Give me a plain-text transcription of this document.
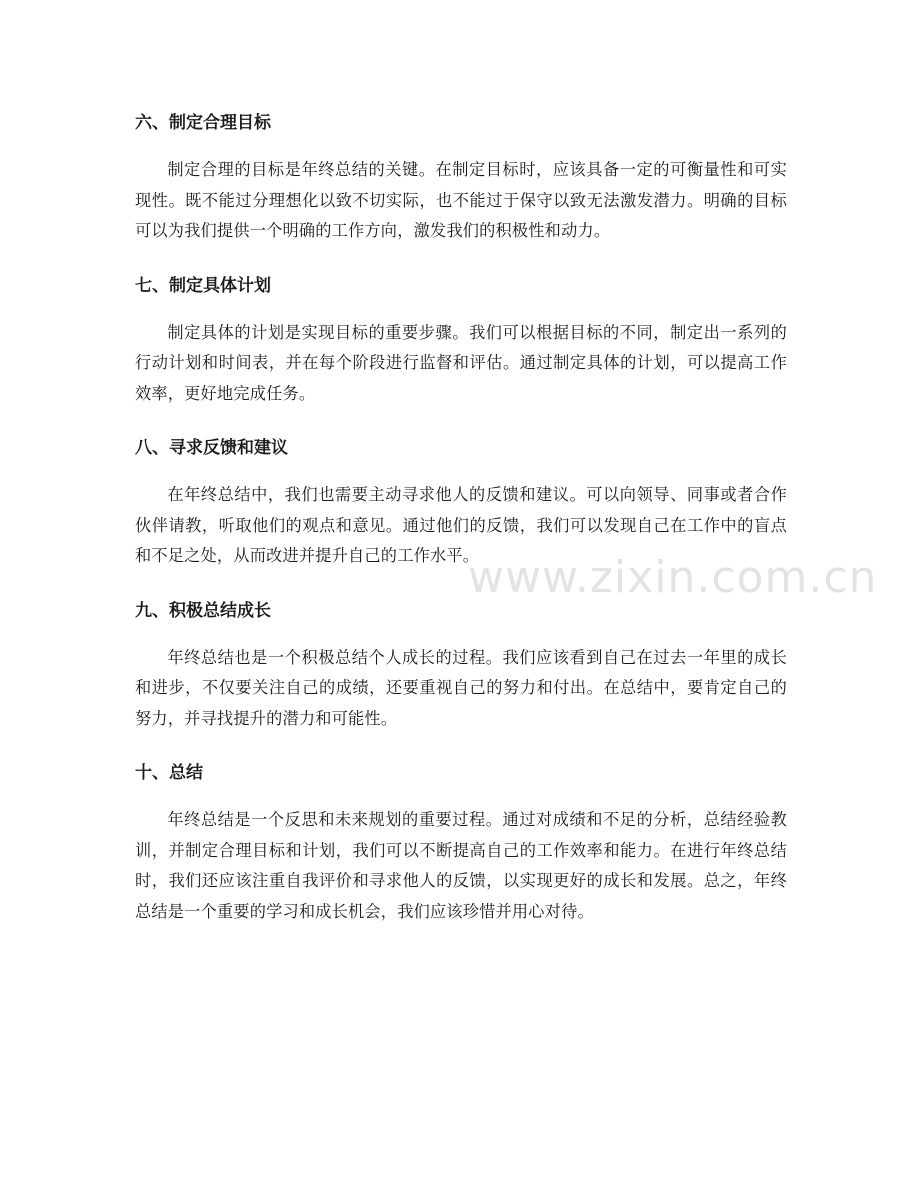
六、制定合理目标

制定合理的目标是年终总结的关键。在制定目标时，应该具备一定的可衡量性和可实现性。既不能过分理想化以致不切实际，也不能过于保守以致无法激发潜力。明确的目标可以为我们提供一个明确的工作方向，激发我们的积极性和动力。

七、制定具体计划

制定具体的计划是实现目标的重要步骤。我们可以根据目标的不同，制定出一系列的行动计划和时间表，并在每个阶段进行监督和评估。通过制定具体的计划，可以提高工作效率，更好地完成任务。

八、寻求反馈和建议

在年终总结中，我们也需要主动寻求他人的反馈和建议。可以向领导、同事或者合作伙伴请教，听取他们的观点和意见。通过他们的反馈，我们可以发现自己在工作中的盲点和不足之处，从而改进并提升自己的工作水平。

九、积极总结成长

年终总结也是一个积极总结个人成长的过程。我们应该看到自己在过去一年里的成长和进步，不仅要关注自己的成绩，还要重视自己的努力和付出。在总结中，要肯定自己的努力，并寻找提升的潜力和可能性。

十、总结

年终总结是一个反思和未来规划的重要过程。通过对成绩和不足的分析，总结经验教训，并制定合理目标和计划，我们可以不断提高自己的工作效率和能力。在进行年终总结时，我们还应该注重自我评价和寻求他人的反馈，以实现更好的成长和发展。总之，年终总结是一个重要的学习和成长机会，我们应该珍惜并用心对待。

www.zixin.com.cn
